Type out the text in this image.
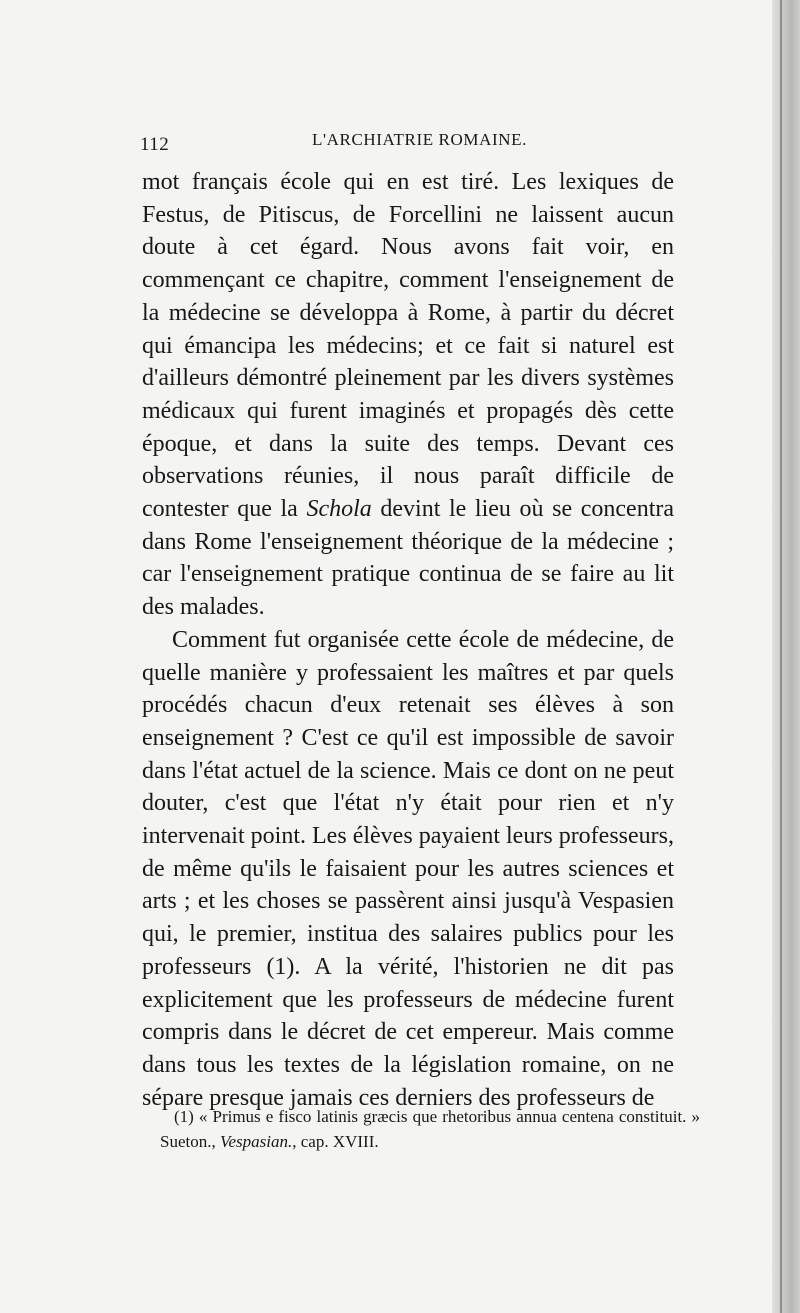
112	L'ARCHIATRIE ROMAINE.

mot français école qui en est tiré. Les lexiques de Festus, de Pitiscus, de Forcellini ne laissent aucun doute à cet égard. Nous avons fait voir, en commençant ce chapitre, comment l'enseignement de la médecine se développa à Rome, à partir du décret qui émancipa les médecins; et ce fait si naturel est d'ailleurs démontré pleinement par les divers systèmes médicaux qui furent imaginés et propagés dès cette époque, et dans la suite des temps. Devant ces observations réunies, il nous paraît difficile de contester que la Schola devint le lieu où se concentra dans Rome l'enseignement théorique de la médecine ; car l'enseignement pratique continua de se faire au lit des malades.

Comment fut organisée cette école de médecine, de quelle manière y professaient les maîtres et par quels procédés chacun d'eux retenait ses élèves à son enseignement ? C'est ce qu'il est impossible de savoir dans l'état actuel de la science. Mais ce dont on ne peut douter, c'est que l'état n'y était pour rien et n'y intervenait point. Les élèves payaient leurs professeurs, de même qu'ils le faisaient pour les autres sciences et arts ; et les choses se passèrent ainsi jusqu'à Vespasien qui, le premier, institua des salaires publics pour les professeurs (1). A la vérité, l'historien ne dit pas explicitement que les professeurs de médecine furent compris dans le décret de cet empereur. Mais comme dans tous les textes de la législation romaine, on ne sépare presque jamais ces derniers des professeurs de

(1) « Primus e fisco latinis græcis que rhetoribus annua centena constituit. » Sueton., Vespasian., cap. XVIII.
